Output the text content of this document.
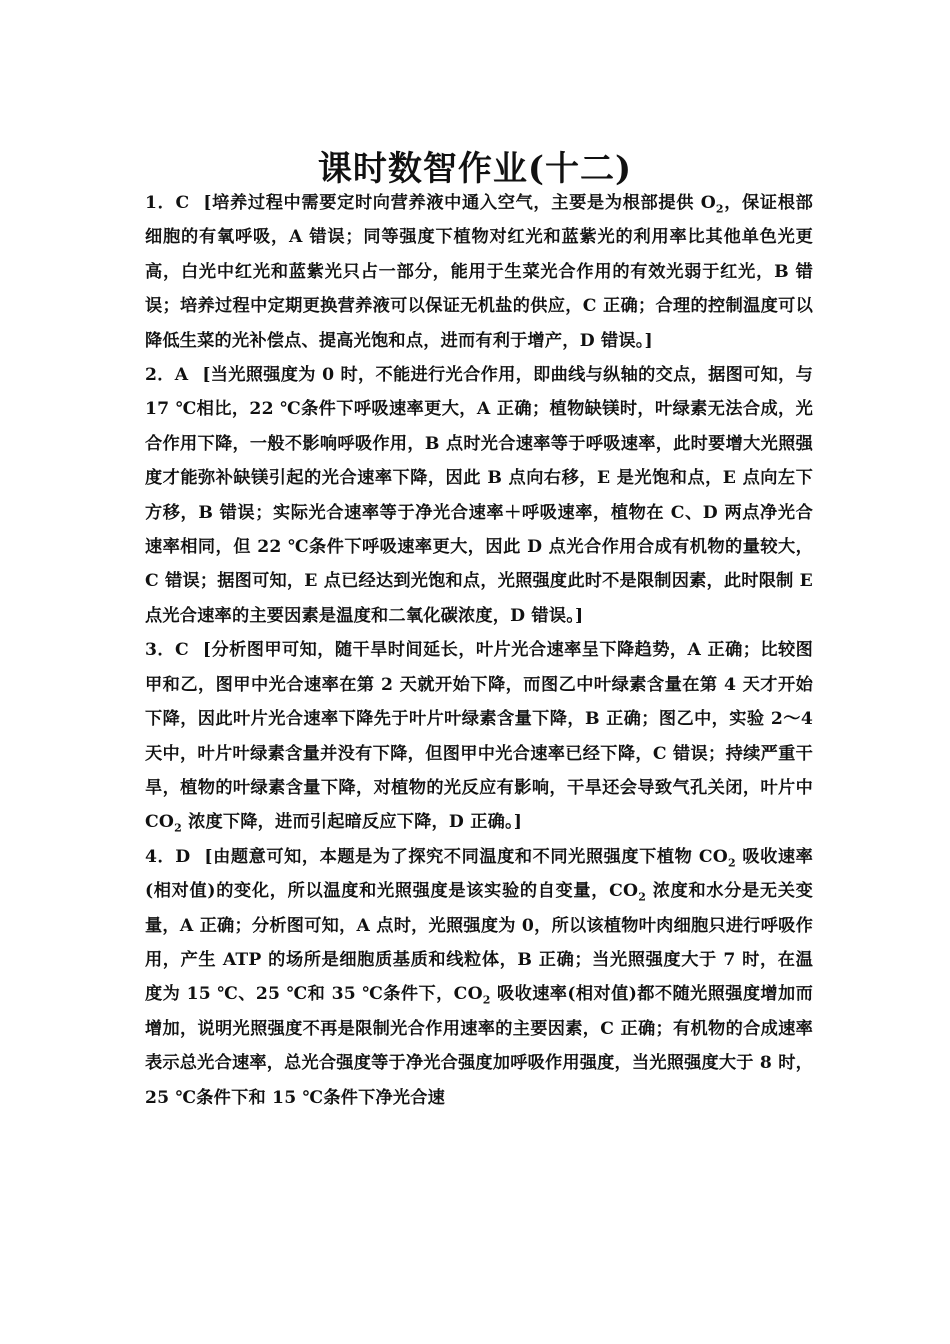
课时数智作业(十二)

1．C [培养过程中需要定时向营养液中通入空气，主要是为根部提供 $O_2$，保证根部细胞的有氧呼吸，A 错误；同等强度下植物对红光和蓝紫光的利用率比其他单色光更高，白光中红光和蓝紫光只占一部分，能用于生菜光合作用的有效光弱于红光，B 错误；培养过程中定期更换营养液可以保证无机盐的供应，C 正确；合理的控制温度可以降低生菜的光补偿点、提高光饱和点，进而有利于增产，D 错误。]

2．A [当光照强度为 0 时，不能进行光合作用，即曲线与纵轴的交点，据图可知，与 17 ℃相比，22 ℃条件下呼吸速率更大，A 正确；植物缺镁时，叶绿素无法合成，光合作用下降，一般不影响呼吸作用，B 点时光合速率等于呼吸速率，此时要增大光照强度才能弥补缺镁引起的光合速率下降，因此 B 点向右移，E 是光饱和点，E 点向左下方移，B 错误；实际光合速率等于净光合速率＋呼吸速率，植物在 C、D 两点净光合速率相同，但 22 ℃条件下呼吸速率更大，因此 D 点光合作用合成有机物的量较大，C 错误；据图可知，E 点已经达到光饱和点，光照强度此时不是限制因素，此时限制 E 点光合速率的主要因素是温度和二氧化碳浓度，D 错误。]

3．C [分析图甲可知，随干旱时间延长，叶片光合速率呈下降趋势，A 正确；比较图甲和乙，图甲中光合速率在第 2 天就开始下降，而图乙中叶绿素含量在第 4 天才开始下降，因此叶片光合速率下降先于叶片叶绿素含量下降，B 正确；图乙中，实验 2～4 天中，叶片叶绿素含量并没有下降，但图甲中光合速率已经下降，C 错误；持续严重干旱，植物的叶绿素含量下降，对植物的光反应有影响，干旱还会导致气孔关闭，叶片中 $CO_2$ 浓度下降，进而引起暗反应下降，D 正确。]

4．D [由题意可知，本题是为了探究不同温度和不同光照强度下植物 $CO_2$ 吸收速率(相对值)的变化，所以温度和光照强度是该实验的自变量，$CO_2$ 浓度和水分是无关变量，A 正确；分析图可知，A 点时，光照强度为 0，所以该植物叶肉细胞只进行呼吸作用，产生 ATP 的场所是细胞质基质和线粒体，B 正确；当光照强度大于 7 时，在温度为 15 ℃、25 ℃和 35 ℃条件下，$CO_2$ 吸收速率(相对值)都不随光照强度增加而增加，说明光照强度不再是限制光合作用速率的主要因素，C 正确；有机物的合成速率表示总光合速率，总光合强度等于净光合强度加呼吸作用强度，当光照强度大于 8 时，25 ℃条件下和 15 ℃条件下净光合速
